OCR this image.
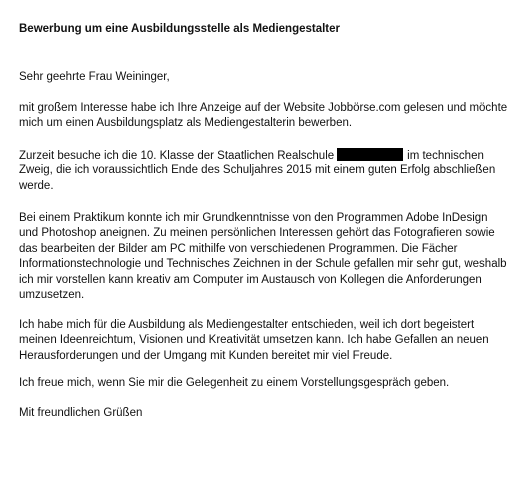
Bewerbung um eine Ausbildungsstelle als Mediengestalter
Sehr geehrte Frau Weininger,
mit großem Interesse habe ich Ihre Anzeige auf der Website Jobbörse.com gelesen und möchte
mich um einen Ausbildungsplatz als Mediengestalterin bewerben.
Zurzeit besuche ich die 10. Klasse der Staatlichen Realschule	im technischen
Zweig, die ich voraussichtlich Ende des Schuljahres 2015 mit einem guten Erfolg abschließen
werde.
Bei einem Praktikum konnte ich mir Grundkenntnisse von den Programmen Adobe InDesign
und Photoshop aneignen. Zu meinen persönlichen Interessen gehört das Fotografieren sowie
das bearbeiten der Bilder am PC mithilfe von verschiedenen Programmen. Die Fächer
Informationstechnologie und Technisches Zeichnen in der Schule gefallen mir sehr gut, weshalb
ich mir vorstellen kann kreativ am Computer im Austausch von Kollegen die Anforderungen
umzusetzen.
Ich habe mich für die Ausbildung als Mediengestalter entschieden, weil ich dort begeistert
meinen Ideenreichtum, Visionen und Kreativität umsetzen kann. Ich habe Gefallen an neuen
Herausforderungen und der Umgang mit Kunden bereitet mir viel Freude.
Ich freue mich, wenn Sie mir die Gelegenheit zu einem Vorstellungsgespräch geben.
Mit freundlichen Grüßen
